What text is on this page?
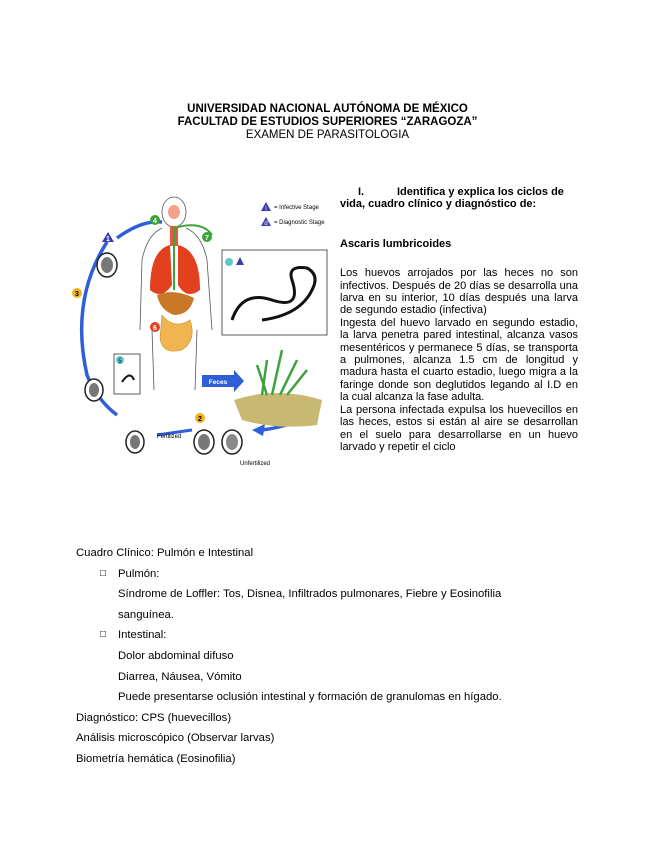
UNIVERSIDAD NACIONAL AUTÓNOMA DE MÉXICO
FACULTAD DE ESTUDIOS SUPERIORES “ZARAGOZA”
EXAMEN DE PARASITOLOGIA
i = Infective Stage
d = Diagnostic Stage
1
3
4
7
6
2
Fertilized
Unfertilized
5
Feces
I.	Identifica y explica los ciclos de
vida, cuadro clínico y diagnóstico de:
Ascaris lumbricoides
Los huevos arrojados por las heces no son infectivos. Después de 20 días se desarrolla una larva en su interior, 10 días después una larva de segundo estadio (infectiva)
Ingesta del huevo larvado en segundo estadio, la larva penetra pared intestinal, alcanza vasos mesentéricos y permanece 5 días, se transporta a pulmones, alcanza 1.5 cm de longitud y madura hasta el cuarto estadio, luego migra a la faringe donde son deglutidos legando al I.D en la cual alcanza la fase adulta.
La persona infectada expulsa los huevecillos en las heces, estos si están al aire se desarrollan en el suelo para desarrollarse en un huevo larvado y repetir el ciclo
Cuadro Clínico: Pulmón e Intestinal
□	Pulmón:
Síndrome de Loffler: Tos, Disnea, Infiltrados pulmonares, Fiebre y Eosinofilia
sanguínea.
□	Intestinal:
Dolor abdominal difuso
Diarrea, Náusea, Vómito
Puede presentarse oclusión intestinal y formación de granulomas en hígado.
Diagnóstico: CPS (huevecillos)
Análisis microscópico (Observar larvas)
Biometría hemática (Eosinofilia)
